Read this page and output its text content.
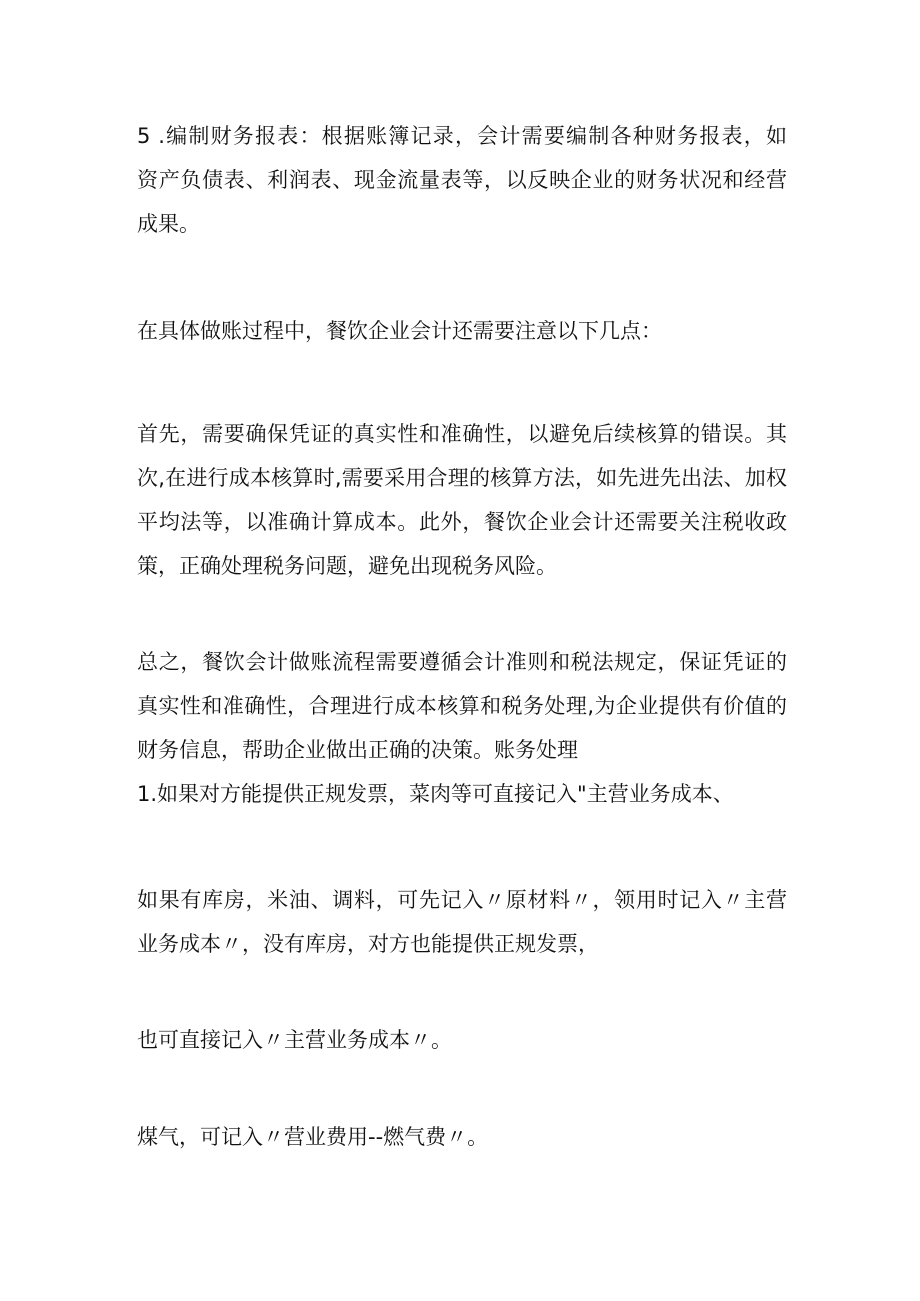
5 .编制财务报表：根据账簿记录，会计需要编制各种财务报表，如
资产负债表、利润表、现金流量表等，以反映企业的财务状况和经营
成果。
在具体做账过程中，餐饮企业会计还需要注意以下几点：
首先，需要确保凭证的真实性和准确性，以避免后续核算的错误。其
次,在进行成本核算时,需要采用合理的核算方法，如先进先出法、加权
平均法等，以准确计算成本。此外，餐饮企业会计还需要关注税收政
策，正确处理税务问题，避免出现税务风险。
总之，餐饮会计做账流程需要遵循会计准则和税法规定，保证凭证的
真实性和准确性，合理进行成本核算和税务处理,为企业提供有价值的
财务信息，帮助企业做出正确的决策。账务处理
1.如果对方能提供正规发票，菜肉等可直接记入"主营业务成本、
如果有库房，米油、调料，可先记入〃原材料〃，领用时记入〃主营
业务成本〃，没有库房，对方也能提供正规发票，
也可直接记入〃主营业务成本〃。
煤气，可记入〃营业费用--燃气费〃。
